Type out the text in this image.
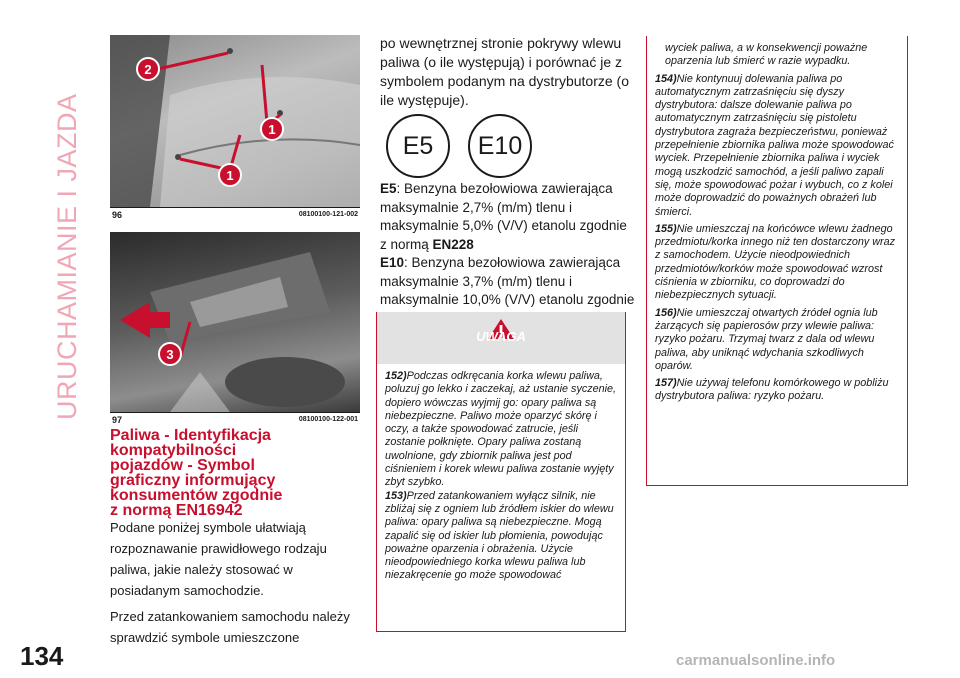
URUCHAMIANIE I JAZDA
2
1
1
96	08100100-121-002
3
97	08100100-122-001
Paliwa - Identyfikacja
kompatybilności
pojazdów - Symbol
graficzny informujący
konsumentów zgodnie
z normą EN16942

Podane poniżej symbole ułatwiają rozpoznawanie prawidłowego rodzaju paliwa, jakie należy stosować w posiadanym samochodzie.

Przed zatankowaniem samochodu należy sprawdzić symbole umieszczone

po wewnętrznej stronie pokrywy wlewu paliwa (o ile występują) i porównać je z symbolem podanym na dystrybutorze (o ile występuje).
E5	E10
E5: Benzyna bezołowiowa zawierająca maksymalnie 2,7% (m/m) tlenu i maksymalnie 5,0% (V/V) etanolu zgodnie z normą EN228
E10: Benzyna bezołowiowa zawierająca maksymalnie 3,7% (m/m) tlenu i maksymalnie 10,0% (V/V) etanolu zgodnie
UWAGA

152)Podczas odkręcania korka wlewu paliwa, poluzuj go lekko i zaczekaj, aż ustanie syczenie, dopiero wówczas wyjmij go: opary paliwa są niebezpieczne. Paliwo może oparzyć skórę i oczy, a także spowodować zatrucie, jeśli zostanie połknięte. Opary paliwa zostaną uwolnione, gdy zbiornik paliwa jest pod ciśnieniem i korek wlewu paliwa zostanie wyjęty zbyt szybko.

153)Przed zatankowaniem wyłącz silnik, nie zbliżaj się z ogniem lub źródłem iskier do wlewu paliwa: opary paliwa są niebezpieczne. Mogą zapalić się od iskier lub płomienia, powodując poważne oparzenia i obrażenia. Użycie nieodpowiedniego korka wlewu paliwa lub niezakręcenie go może spowodować

wyciek paliwa, a w konsekwencji poważne oparzenia lub śmierć w razie wypadku.

154)Nie kontynuuj dolewania paliwa po automatycznym zatrzaśnięciu się dyszy dystrybutora: dalsze dolewanie paliwa po automatycznym zatrzaśnięciu się pistoletu dystrybutora zagraża bezpieczeństwu, ponieważ przepełnienie zbiornika paliwa może spowodować wyciek. Przepełnienie zbiornika paliwa i wyciek mogą uszkodzić samochód, a jeśli paliwo zapali się, może spowodować pożar i wybuch, co z kolei może doprowadzić do poważnych obrażeń lub śmierci.

155)Nie umieszczaj na końcówce wlewu żadnego przedmiotu/korka innego niż ten dostarczony wraz z samochodem. Użycie nieodpowiednich przedmiotów/korków może spowodować wzrost ciśnienia w zbiorniku, co doprowadzi do niebezpiecznych sytuacji.

156)Nie umieszczaj otwartych źródeł ognia lub żarzących się papierosów przy wlewie paliwa: ryzyko pożaru. Trzymaj twarz z dala od wlewu paliwa, aby uniknąć wdychania szkodliwych oparów.

157)Nie używaj telefonu komórkowego w pobliżu dystrybutora paliwa: ryzyko pożaru.

134	carmanualsonline.info
